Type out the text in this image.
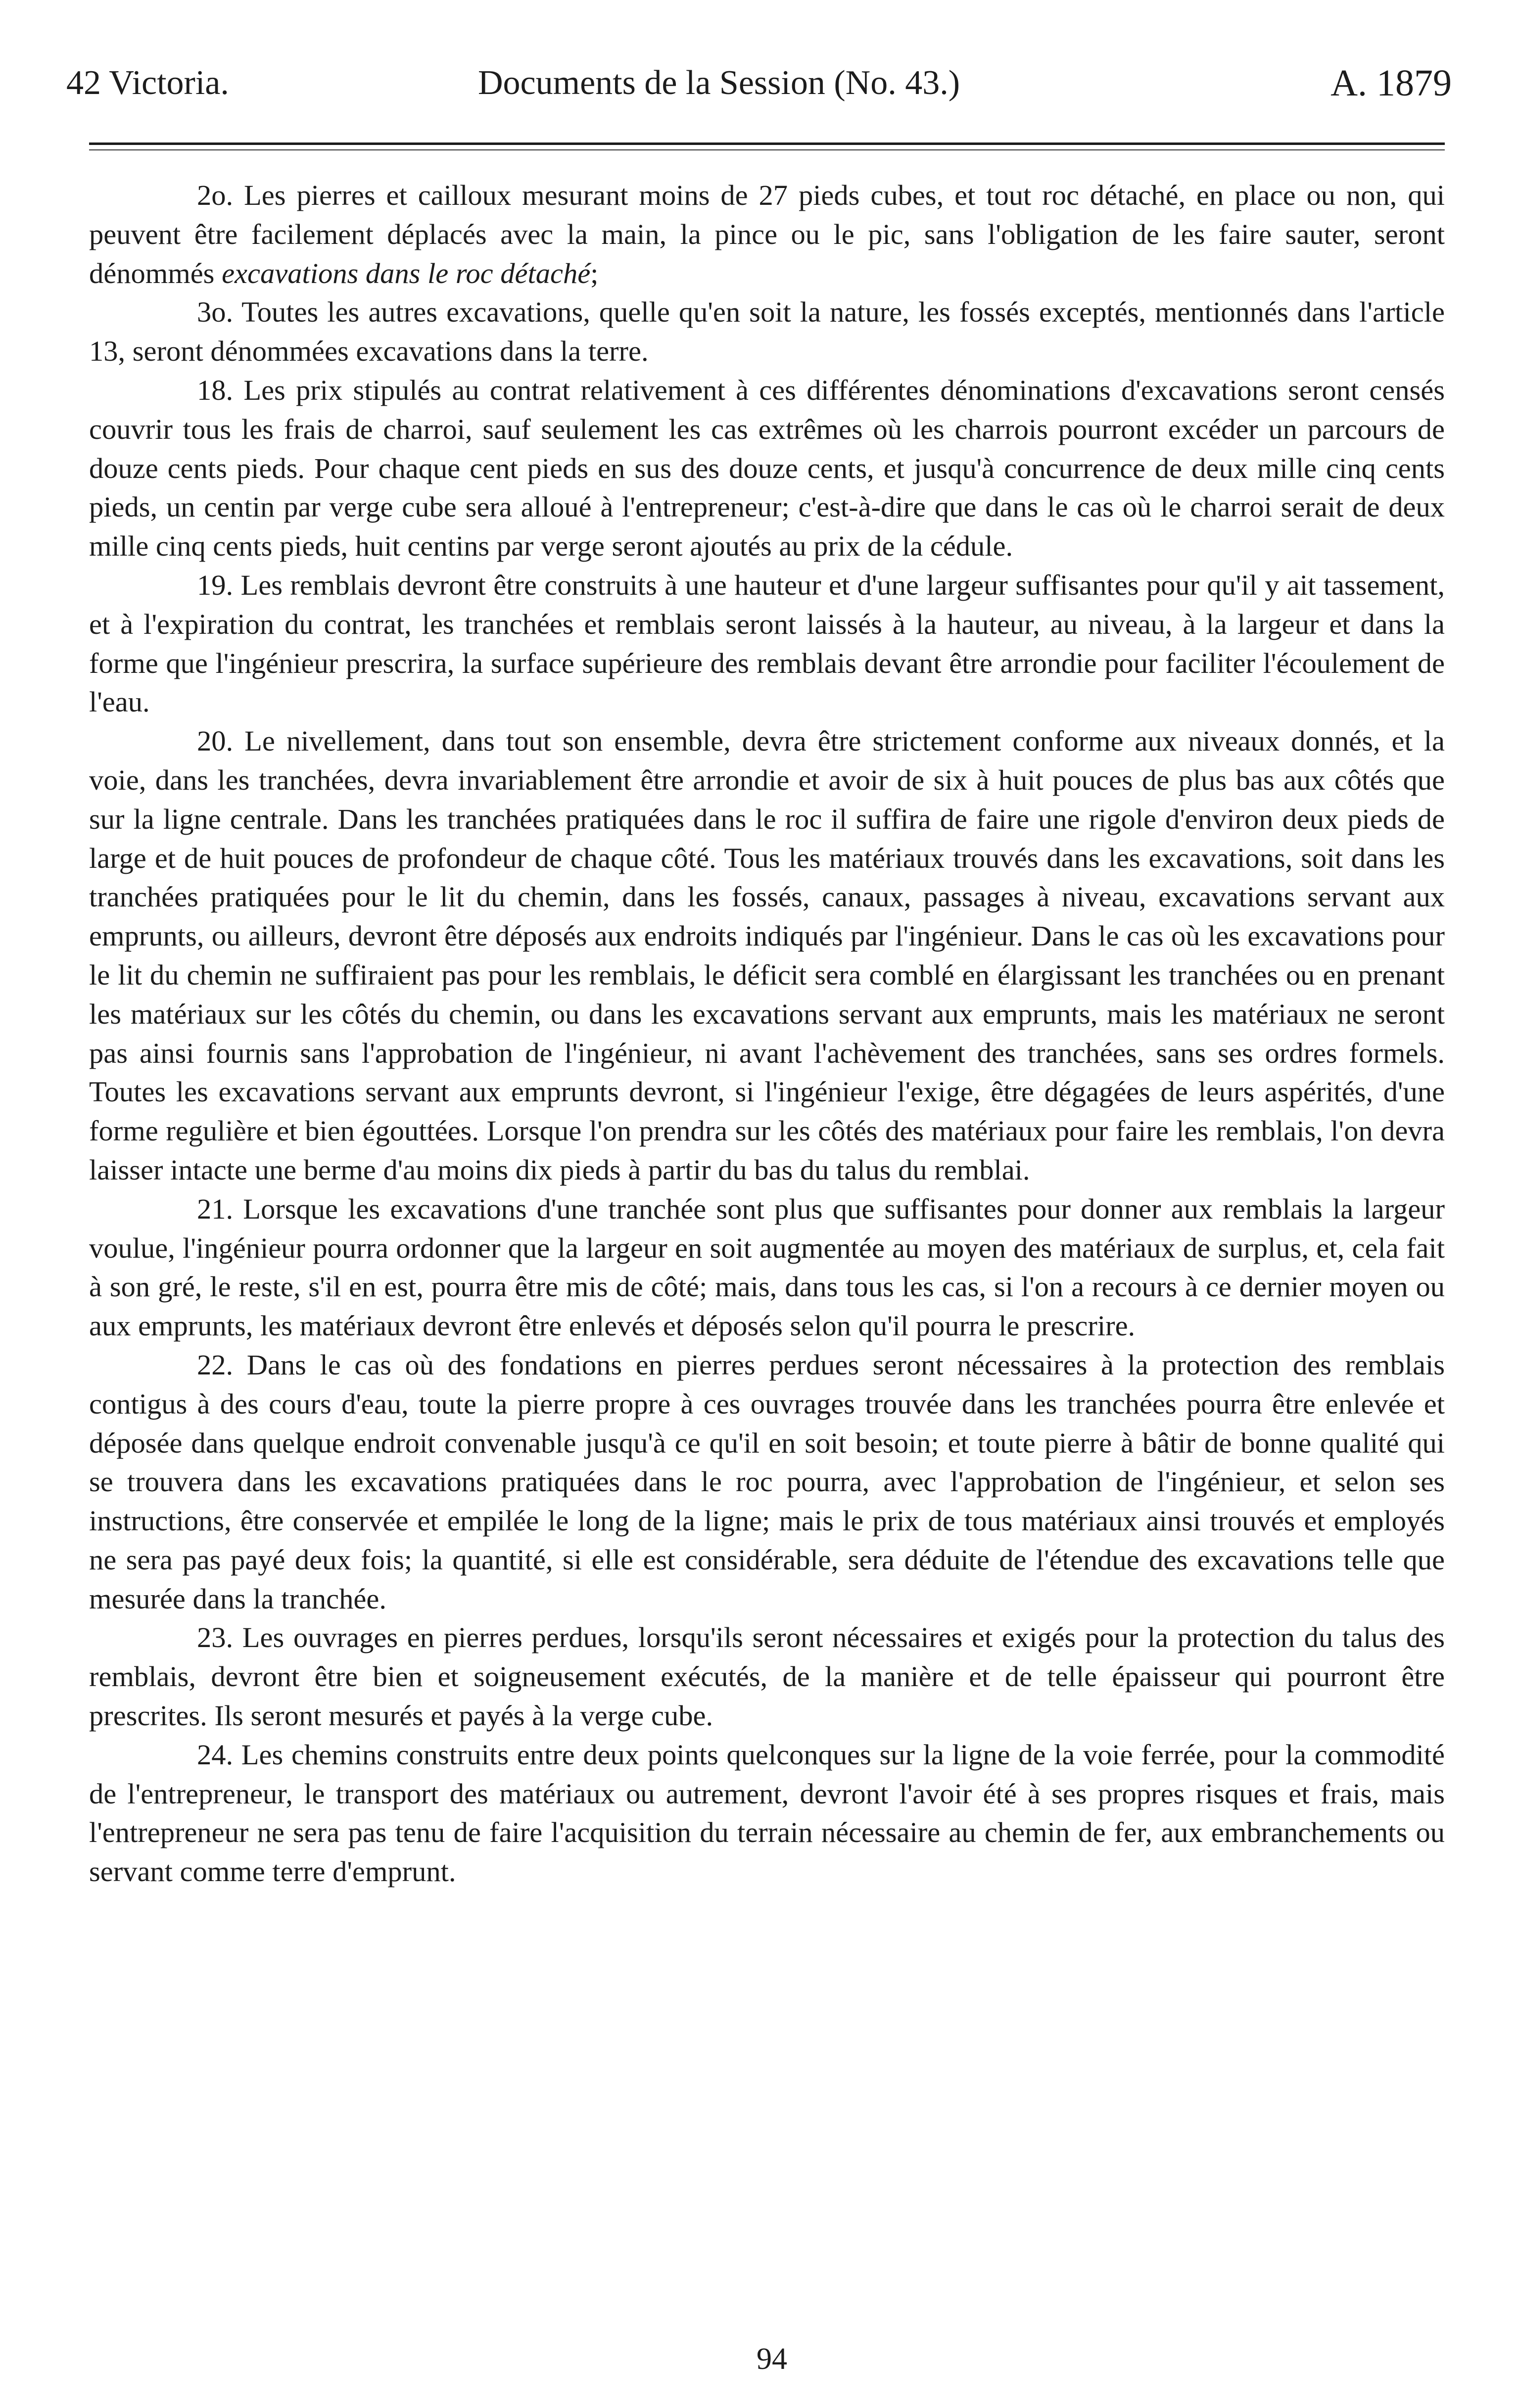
42 Victoria.	Documents de la Session (No. 43.)	A. 1879

2o. Les pierres et cailloux mesurant moins de 27 pieds cubes, et tout roc détaché, en place ou non, qui peuvent être facilement déplacés avec la main, la pince ou le pic, sans l'obligation de les faire sauter, seront dénommés excavations dans le roc détaché;

3o. Toutes les autres excavations, quelle qu'en soit la nature, les fossés exceptés, mentionnés dans l'article 13, seront dénommées excavations dans la terre.

18. Les prix stipulés au contrat relativement à ces différentes dénominations d'excavations seront censés couvrir tous les frais de charroi, sauf seulement les cas extrêmes où les charrois pourront excéder un parcours de douze cents pieds. Pour chaque cent pieds en sus des douze cents, et jusqu'à concurrence de deux mille cinq cents pieds, un centin par verge cube sera alloué à l'entrepreneur; c'est-à-dire que dans le cas où le charroi serait de deux mille cinq cents pieds, huit centins par verge seront ajoutés au prix de la cédule.

19. Les remblais devront être construits à une hauteur et d'une largeur suffisantes pour qu'il y ait tassement, et à l'expiration du contrat, les tranchées et remblais seront laissés à la hauteur, au niveau, à la largeur et dans la forme que l'ingénieur prescrira, la surface supérieure des remblais devant être arrondie pour faciliter l'écoulement de l'eau.

20. Le nivellement, dans tout son ensemble, devra être strictement conforme aux niveaux donnés, et la voie, dans les tranchées, devra invariablement être arrondie et avoir de six à huit pouces de plus bas aux côtés que sur la ligne centrale. Dans les tranchées pratiquées dans le roc il suffira de faire une rigole d'environ deux pieds de large et de huit pouces de profondeur de chaque côté. Tous les matériaux trouvés dans les excavations, soit dans les tranchées pratiquées pour le lit du chemin, dans les fossés, canaux, passages à niveau, excavations servant aux emprunts, ou ailleurs, devront être déposés aux endroits indiqués par l'ingénieur. Dans le cas où les excavations pour le lit du chemin ne suffiraient pas pour les remblais, le déficit sera comblé en élargissant les tranchées ou en prenant les matériaux sur les côtés du chemin, ou dans les excavations servant aux emprunts, mais les matériaux ne seront pas ainsi fournis sans l'approbation de l'ingénieur, ni avant l'achèvement des tranchées, sans ses ordres formels. Toutes les excavations servant aux emprunts devront, si l'ingénieur l'exige, être dégagées de leurs aspérités, d'une forme regulière et bien égouttées. Lorsque l'on prendra sur les côtés des matériaux pour faire les remblais, l'on devra laisser intacte une berme d'au moins dix pieds à partir du bas du talus du remblai.

21. Lorsque les excavations d'une tranchée sont plus que suffisantes pour donner aux remblais la largeur voulue, l'ingénieur pourra ordonner que la largeur en soit augmentée au moyen des matériaux de surplus, et, cela fait à son gré, le reste, s'il en est, pourra être mis de côté; mais, dans tous les cas, si l'on a recours à ce dernier moyen ou aux emprunts, les matériaux devront être enlevés et déposés selon qu'il pourra le prescrire.

22. Dans le cas où des fondations en pierres perdues seront nécessaires à la protection des remblais contigus à des cours d'eau, toute la pierre propre à ces ouvrages trouvée dans les tranchées pourra être enlevée et déposée dans quelque endroit convenable jusqu'à ce qu'il en soit besoin; et toute pierre à bâtir de bonne qualité qui se trouvera dans les excavations pratiquées dans le roc pourra, avec l'approbation de l'ingénieur, et selon ses instructions, être conservée et empilée le long de la ligne; mais le prix de tous matériaux ainsi trouvés et employés ne sera pas payé deux fois; la quantité, si elle est considérable, sera déduite de l'étendue des excavations telle que mesurée dans la tranchée.

23. Les ouvrages en pierres perdues, lorsqu'ils seront nécessaires et exigés pour la protection du talus des remblais, devront être bien et soigneusement exécutés, de la manière et de telle épaisseur qui pourront être prescrites. Ils seront mesurés et payés à la verge cube.

24. Les chemins construits entre deux points quelconques sur la ligne de la voie ferrée, pour la commodité de l'entrepreneur, le transport des matériaux ou autrement, devront l'avoir été à ses propres risques et frais, mais l'entrepreneur ne sera pas tenu de faire l'acquisition du terrain nécessaire au chemin de fer, aux embranchements ou servant comme terre d'emprunt.

94
